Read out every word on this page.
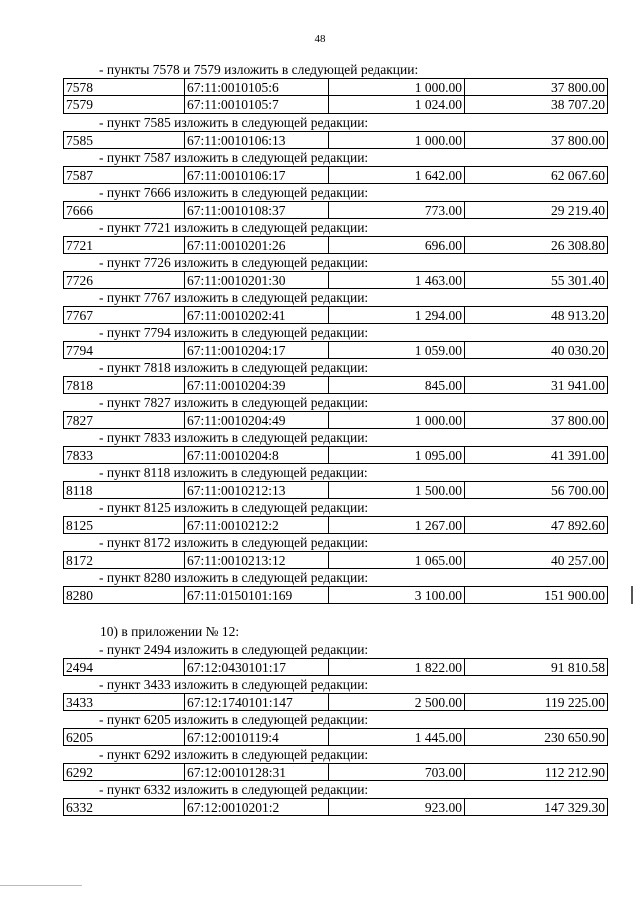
48
- пункты 7578 и 7579 изложить в следующей редакции:
7578	67:11:0010105:6	1 000.00	37 800.00
7579	67:11:0010105:7	1 024.00	38 707.20
- пункт 7585 изложить в следующей редакции:
7585	67:11:0010106:13	1 000.00	37 800.00
- пункт 7587 изложить в следующей редакции:
7587	67:11:0010106:17	1 642.00	62 067.60
- пункт 7666 изложить в следующей редакции:
7666	67:11:0010108:37	773.00	29 219.40
- пункт 7721 изложить в следующей редакции:
7721	67:11:0010201:26	696.00	26 308.80
- пункт 7726 изложить в следующей редакции:
7726	67:11:0010201:30	1 463.00	55 301.40
- пункт 7767 изложить в следующей редакции:
7767	67:11:0010202:41	1 294.00	48 913.20
- пункт 7794 изложить в следующей редакции:
7794	67:11:0010204:17	1 059.00	40 030.20
- пункт 7818 изложить в следующей редакции:
7818	67:11:0010204:39	845.00	31 941.00
- пункт 7827 изложить в следующей редакции:
7827	67:11:0010204:49	1 000.00	37 800.00
- пункт 7833 изложить в следующей редакции:
7833	67:11:0010204:8	1 095.00	41 391.00
- пункт 8118 изложить в следующей редакции:
8118	67:11:0010212:13	1 500.00	56 700.00
- пункт 8125 изложить в следующей редакции:
8125	67:11:0010212:2	1 267.00	47 892.60
- пункт 8172 изложить в следующей редакции:
8172	67:11:0010213:12	1 065.00	40 257.00
- пункт 8280 изложить в следующей редакции:
8280	67:11:0150101:169	3 100.00	151 900.00
10) в приложении № 12:
- пункт 2494 изложить в следующей редакции:
2494	67:12:0430101:17	1 822.00	91 810.58
- пункт 3433 изложить в следующей редакции:
3433	67:12:1740101:147	2 500.00	119 225.00
- пункт 6205 изложить в следующей редакции:
6205	67:12:0010119:4	1 445.00	230 650.90
- пункт 6292 изложить в следующей редакции:
6292	67:12:0010128:31	703.00	112 212.90
- пункт 6332 изложить в следующей редакции:
6332	67:12:0010201:2	923.00	147 329.30
